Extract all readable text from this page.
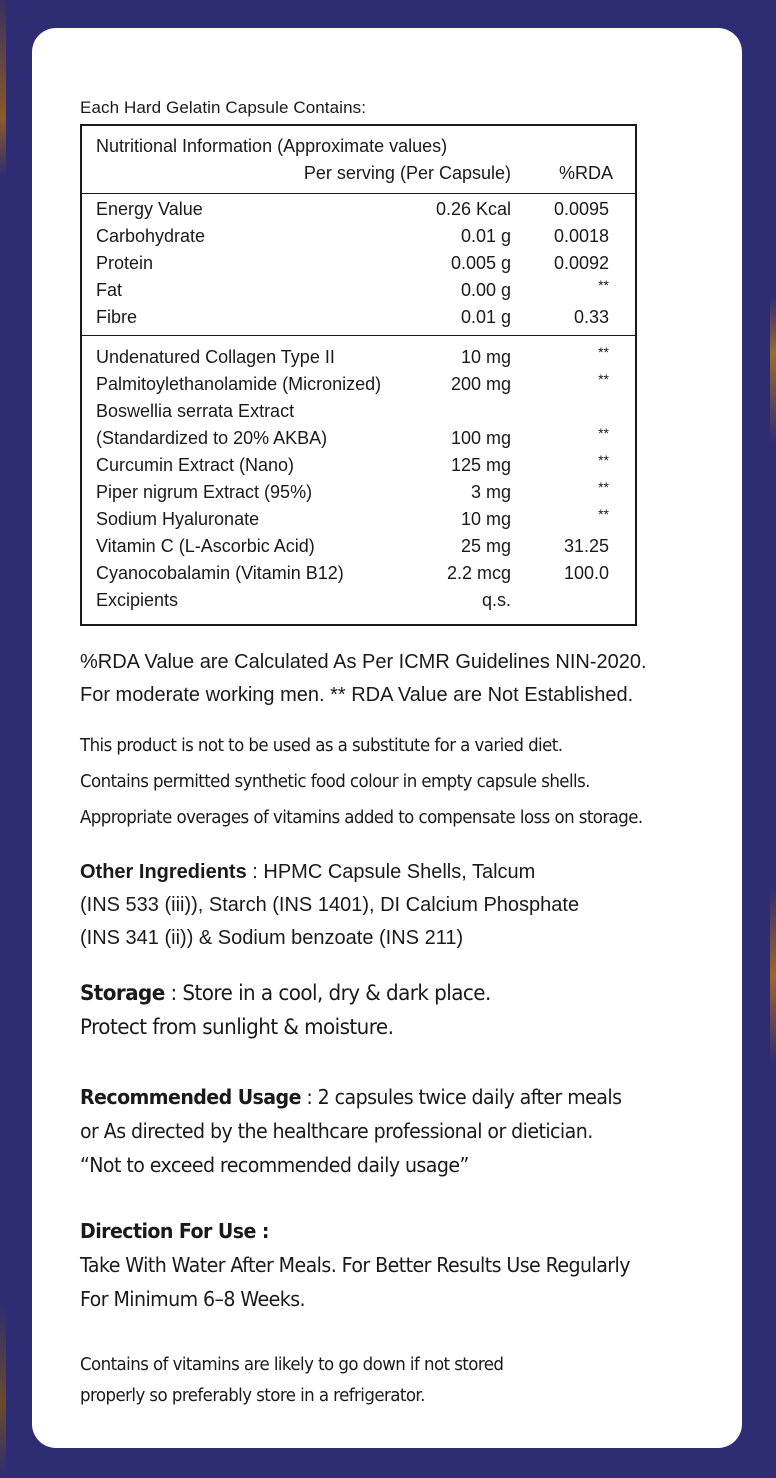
Each Hard Gelatin Capsule Contains:
Nutritional Information (Approximate values)
Per serving (Per Capsule)	%RDA
Energy Value	0.26 Kcal 0.0095
Carbohydrate	0.01 g 0.0018
Protein	0.005 g 0.0092
Fat	0.00 g	**
Fibre	0.01 g	0.33
Undenatured Collagen Type II	10 mg	**
Palmitoylethanolamide (Micronized)	200 mg	**
Boswellia serrata Extract
(Standardized to 20% AKBA)	100 mg	**
Curcumin Extract (Nano)	125 mg	**
Piper nigrum Extract (95%)	3 mg	**
Sodium Hyaluronate	10 mg	**
Vitamin C (L-Ascorbic Acid)	25 mg	31.25
Cyanocobalamin (Vitamin B12)	2.2 mcg	100.0
Excipients	q.s.
%RDA Value are Calculated As Per ICMR Guidelines NIN-2020.
For moderate working men. ** RDA Value are Not Established.
This product is not to be used as a substitute for a varied diet.
Contains permitted synthetic food colour in empty capsule shells.
Appropriate overages of vitamins added to compensate loss on storage.
Other Ingredients : HPMC Capsule Shells, Talcum
(INS 533 (iii)), Starch (INS 1401), DI Calcium Phosphate
(INS 341 (ii)) & Sodium benzoate (INS 211)
Storage : Store in a cool, dry & dark place.
Protect from sunlight & moisture.
Recommended Usage : 2 capsules twice daily after meals
or As directed by the healthcare professional or dietician.
“Not to exceed recommended daily usage”
Direction For Use :
Take With Water After Meals. For Better Results Use Regularly
For Minimum 6–8 Weeks.
Contains of vitamins are likely to go down if not stored
properly so preferably store in a refrigerator.
